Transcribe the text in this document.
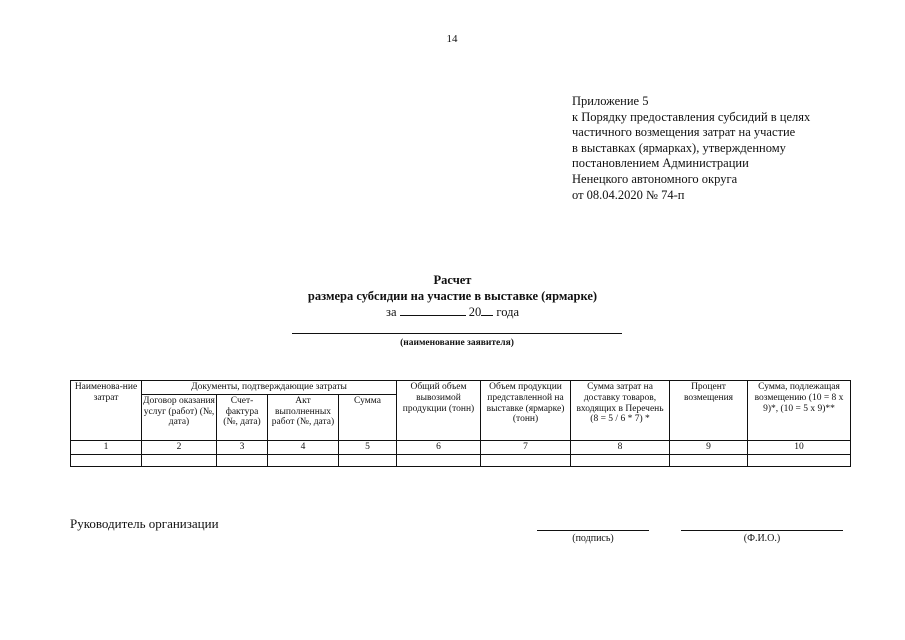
14
Приложение 5
к Порядку предоставления субсидий в целях
частичного возмещения затрат на участие
в выставках (ярмарках), утвержденному
постановлением Администрации
Ненецкого автономного округа
от 08.04.2020 № 74-п
Расчет
размера субсидии на участие в выставке (ярмарке)
за	20 года
(наименование заявителя)
Наименова-ние затрат	Документы, подтверждающие затраты				Общий объем вывозимой продукции (тонн)	Объем продукции представленной на выставке (ярмарке) (тонн)	Сумма затрат на доставку товаров, входящих в Перечень (8 = 5 / 6 * 7) *	Процент возмещения	Сумма, подлежащая возмещению (10 = 8 x 9)*, (10 = 5 x 9)**
	Договор оказания услуг (работ) (№, дата)	Счет-фактура (№, дата)	Акт выполненных работ (№, дата)	Сумма					
1	2	3	4	5	6	7	8	9	10

Руководитель организации
(подпись)	(Ф.И.О.)
